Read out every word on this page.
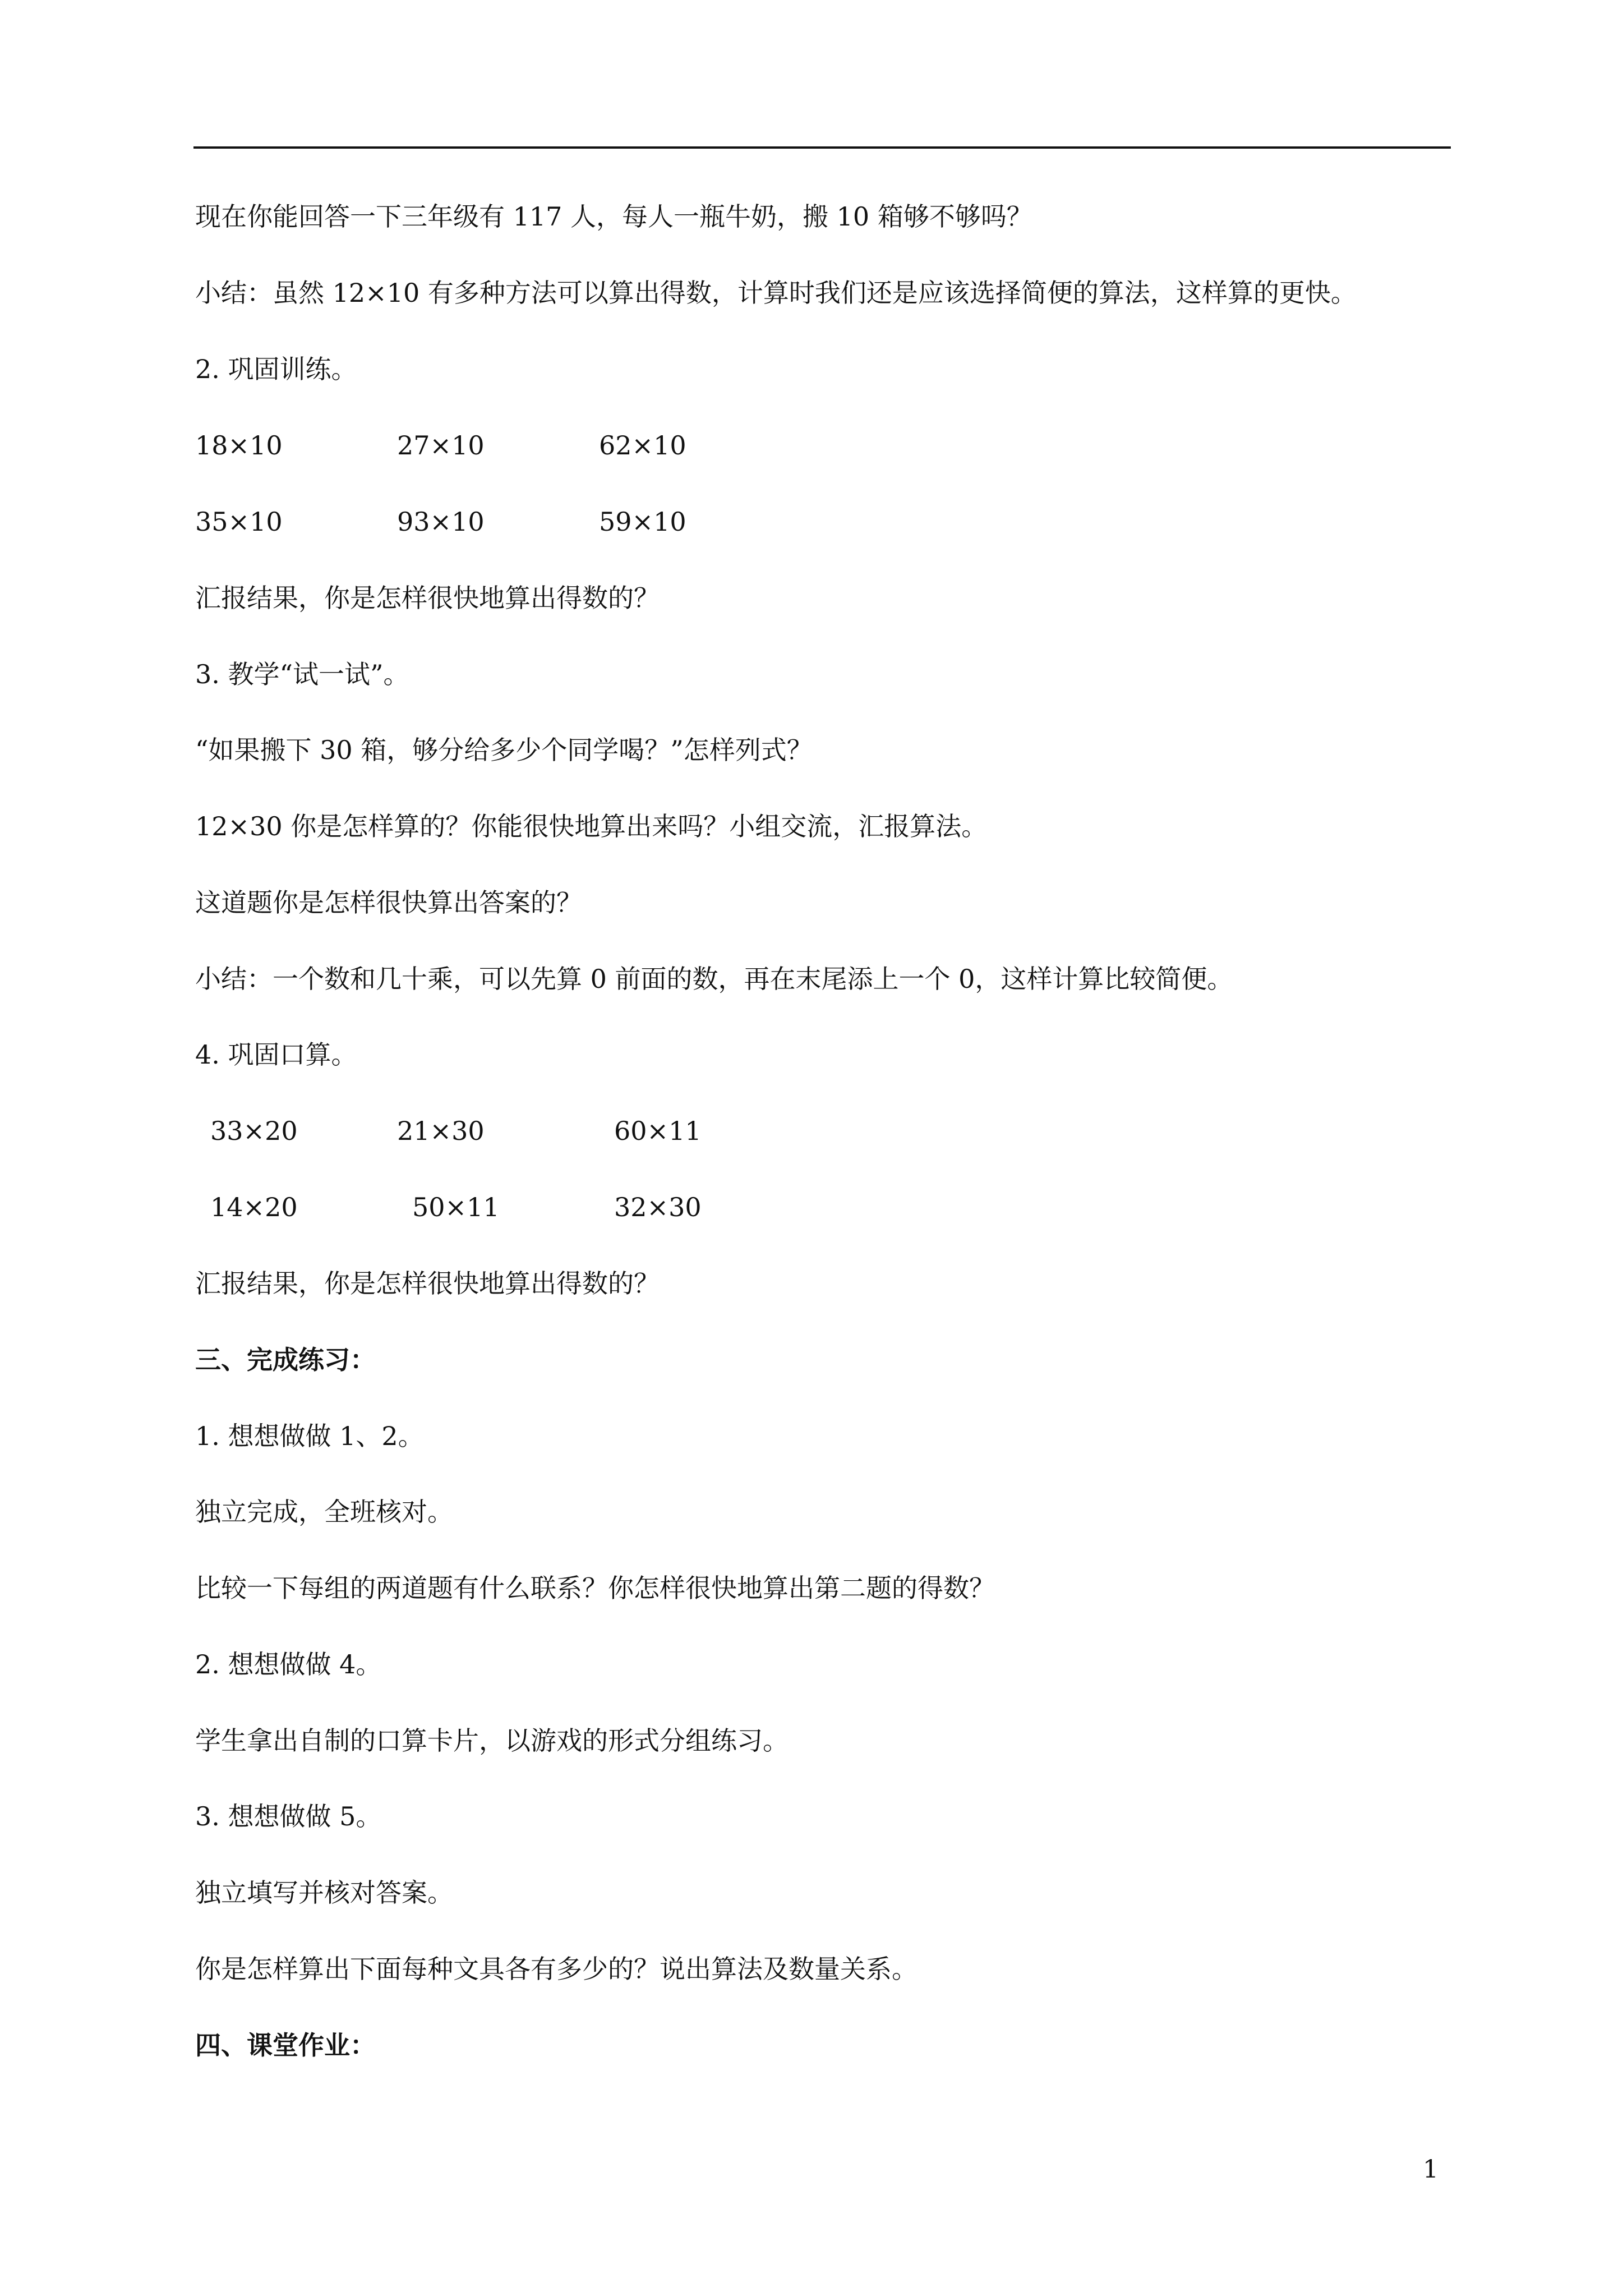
现在你能回答一下三年级有 117 人，每人一瓶牛奶，搬 10 箱够不够吗？
小结：虽然 12×10 有多种方法可以算出得数，计算时我们还是应该选择简便的算法，这样算的更快。
2. 巩固训练。
18×10	27×10	62×10
35×10	93×10	59×10
汇报结果，你是怎样很快地算出得数的？
3. 教学“试一试”。
“如果搬下 30 箱，够分给多少个同学喝？”怎样列式？
12×30 你是怎样算的？你能很快地算出来吗？小组交流，汇报算法。
这道题你是怎样很快算出答案的？
小结：一个数和几十乘，可以先算 0 前面的数，再在末尾添上一个 0，这样计算比较简便。
4. 巩固口算。
33×20	21×30	60×11
14×20	50×11	32×30
汇报结果，你是怎样很快地算出得数的？
三、完成练习：
1. 想想做做 1、2。
独立完成，全班核对。
比较一下每组的两道题有什么联系？你怎样很快地算出第二题的得数？
2. 想想做做 4。
学生拿出自制的口算卡片，以游戏的形式分组练习。
3. 想想做做 5。
独立填写并核对答案。
你是怎样算出下面每种文具各有多少的？说出算法及数量关系。
四、课堂作业：
1
